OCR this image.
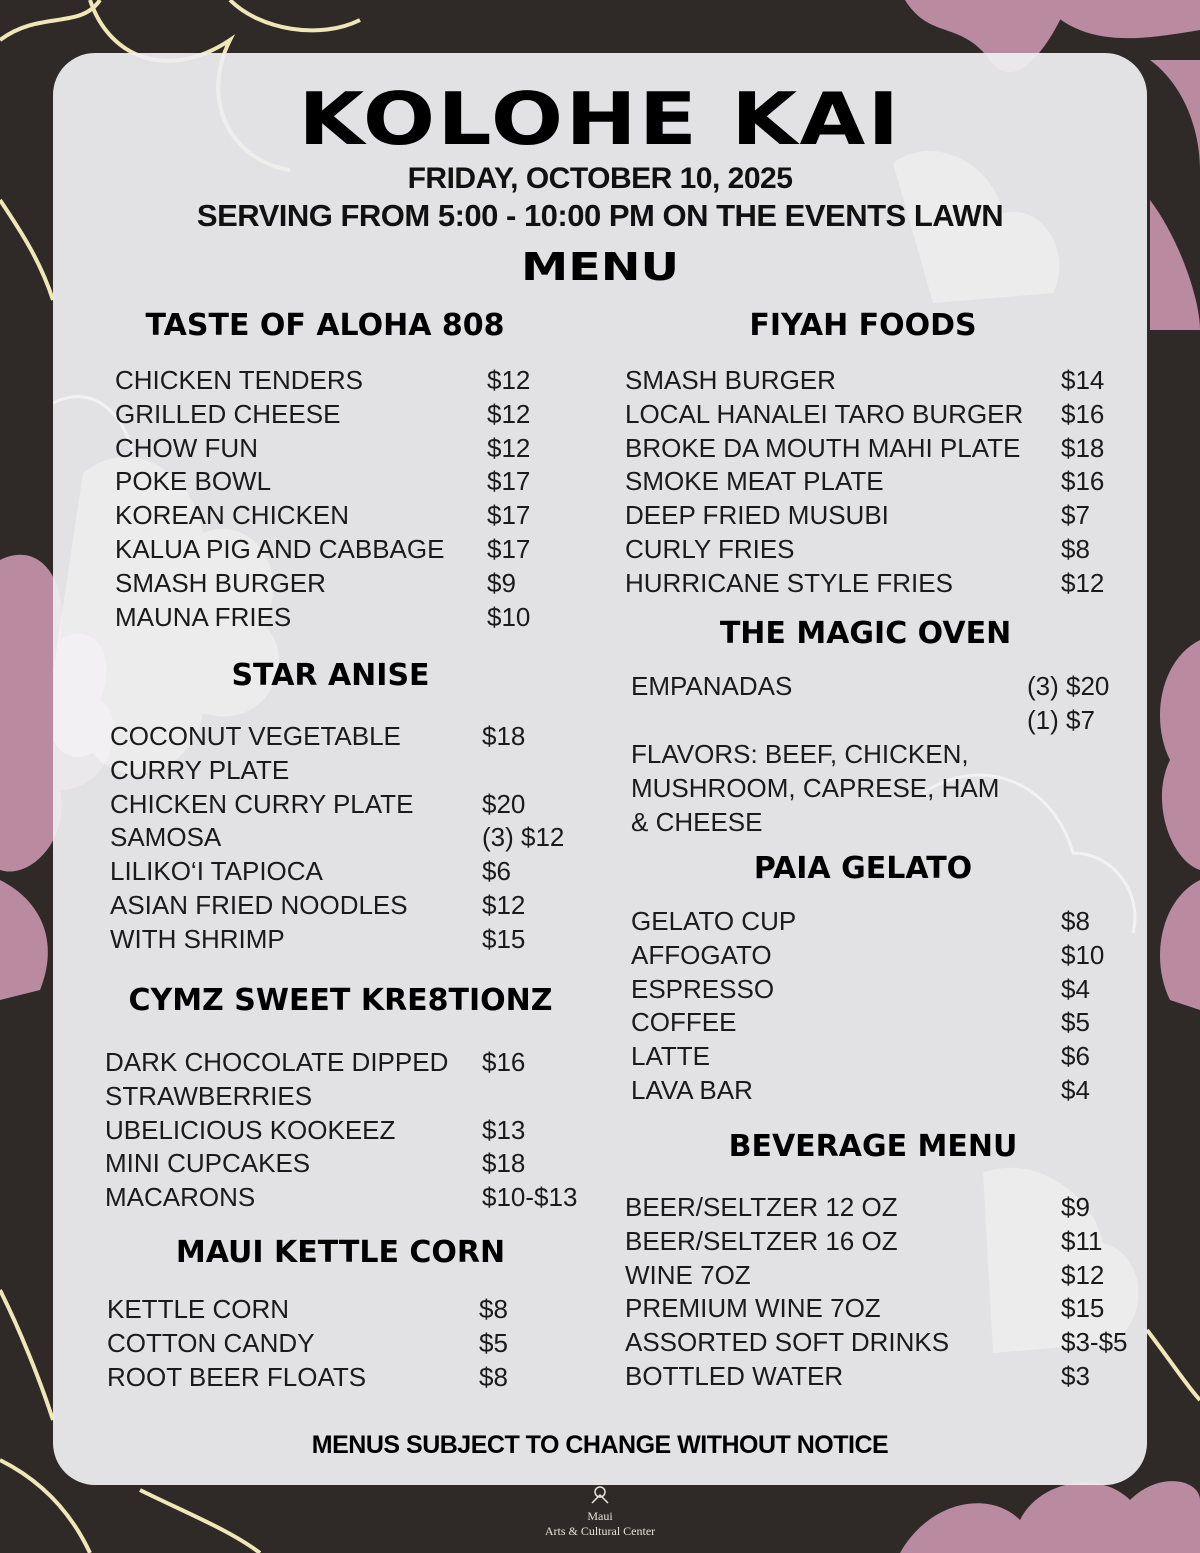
KOLOHE KAI
FRIDAY, OCTOBER 10, 2025
SERVING FROM 5:00 - 10:00 PM ON THE EVENTS LAWN
MENU
MENUS SUBJECT TO CHANGE WITHOUT NOTICE
TASTE OF ALOHA 808
CHICKEN TENDERS	$12
GRILLED CHEESE	$12
CHOW FUN	$12
POKE BOWL	$17
KOREAN CHICKEN	$17
KALUA PIG AND CABBAGE $17
SMASH BURGER	$9
MAUNA FRIES	$10
STAR ANISE
COCONUT VEGETABLE	$18
CURRY PLATE
CHICKEN CURRY PLATE	$20
SAMOSA	(3) $12
LILIKO‘I TAPIOCA	$6
ASIAN FRIED NOODLES	$12
WITH SHRIMP	$15
CYMZ SWEET KRE8TIONZ
DARK CHOCOLATE DIPPED $16
STRAWBERRIES
UBELICIOUS KOOKEEZ	$13
MINI CUPCAKES	$18
MACARONS	$10-$13
MAUI KETTLE CORN
KETTLE CORN	$8
COTTON CANDY	$5
ROOT BEER FLOATS	$8
FIYAH FOODS
SMASH BURGER	$14
LOCAL HANALEI TARO BURGER $16
BROKE DA MOUTH MAHI PLATE $18
SMOKE MEAT PLATE	$16
DEEP FRIED MUSUBI	$7
CURLY FRIES	$8
HURRICANE STYLE FRIES	$12
THE MAGIC OVEN
EMPANADAS	(3) $20
(1) $7
FLAVORS: BEEF, CHICKEN,
MUSHROOM, CAPRESE, HAM
& CHEESE
PAIA GELATO
GELATO CUP	$8
AFFOGATO	$10
ESPRESSO	$4
COFFEE	$5
LATTE	$6
LAVA BAR	$4
BEVERAGE MENU
BEER/SELTZER 12 OZ	$9
BEER/SELTZER 16 OZ	$11
WINE 7OZ	$12
PREMIUM WINE 7OZ	$15
ASSORTED SOFT DRINKS	$3-$5
BOTTLED WATER	$3
Maui
Arts & Cultural Center
